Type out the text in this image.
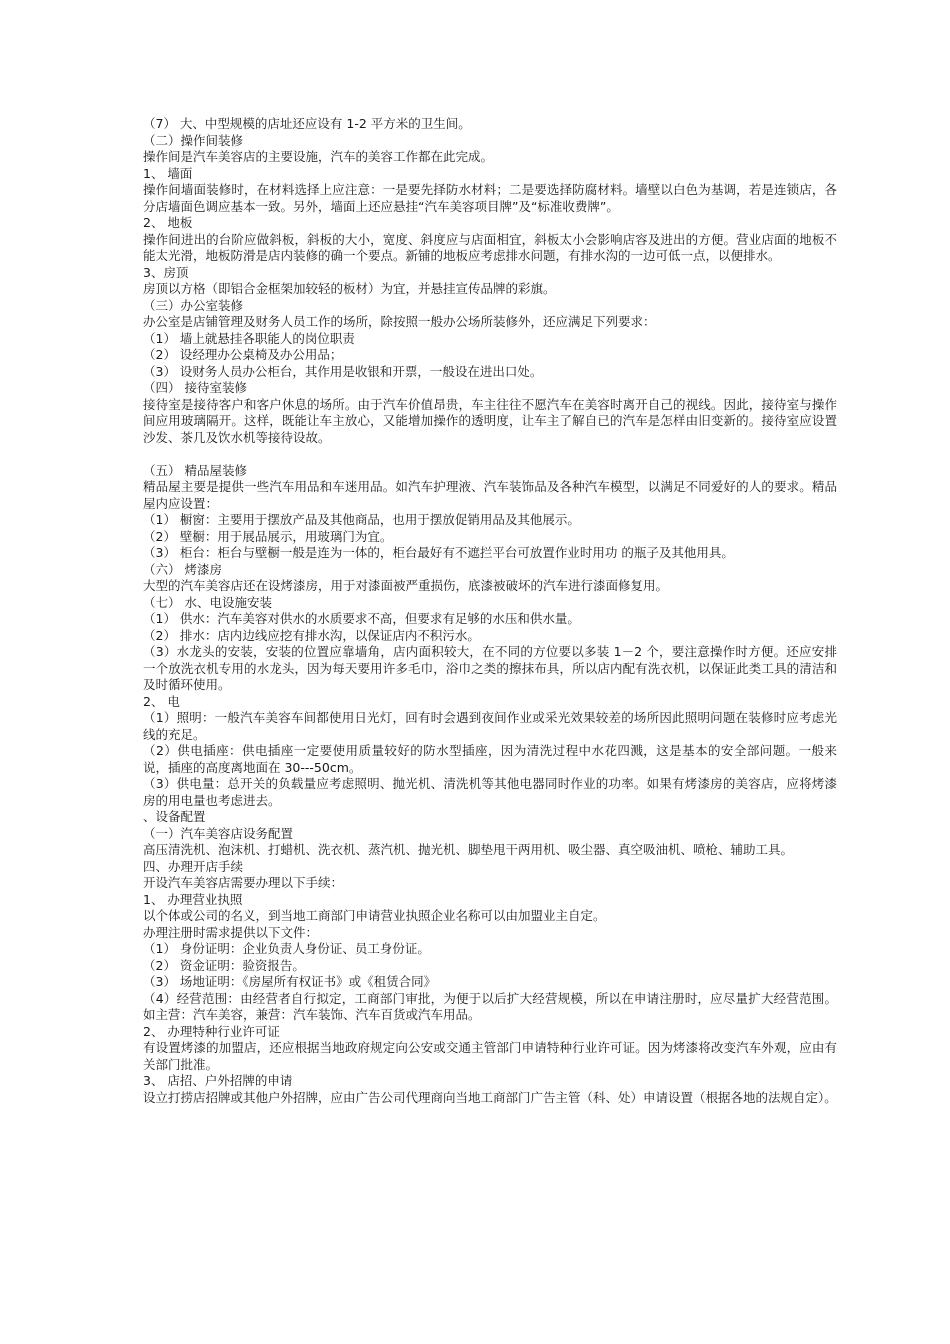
（7） 大、中型规模的店址还应设有 1-2 平方米的卫生间。
（二）操作间装修
操作间是汽车美容店的主要设施，汽车的美容工作都在此完成。
1、 墙面
操作间墙面装修时，在材料选择上应注意：一是要先择防水材料；二是要选择防腐材料。墙壁以白色为基调，若是连锁店，各分店墙面色调应基本一致。另外，墙面上还应悬挂“汽车美容项目牌”及“标准收费牌”。
2、 地板
操作间进出的台阶应做斜板，斜板的大小，宽度、斜度应与店面相宜，斜板太小会影响店容及进出的方便。营业店面的地板不能太光滑，地板防滑是店内装修的确一个要点。新铺的地板应考虑排水问题，有排水沟的一边可低一点，以便排水。
3、房顶
房顶以方格（即铝合金框架加较轻的板材）为宜，并悬挂宣传品牌的彩旗。
（三）办公室装修
办公室是店铺管理及财务人员工作的场所，除按照一般办公场所装修外，还应满足下列要求：
（1） 墙上就悬挂各职能人的岗位职责
（2） 设经理办公桌椅及办公用品；
（3） 设财务人员办公柜台，其作用是收银和开票，一般设在进出口处。
（四） 接待室装修
接待室是接待客户和客户休息的场所。由于汽车价值昂贵，车主往往不愿汽车在美容时离开自己的视线。因此，接待室与操作间应用玻璃隔开。这样，既能让车主放心，又能增加操作的透明度，让车主了解自已的汽车是怎样由旧变新的。接待室应设置沙发、茶几及饮水机等接待设故。
（五） 精品屋装修
精品屋主要是提供一些汽车用品和车迷用品。如汽车护理液、汽车装饰品及各种汽车模型，以满足不同爱好的人的要求。精品屋内应设置：
（1） 橱窗：主要用于摆放产品及其他商品，也用于摆放促销用品及其他展示。
（2） 壁橱：用于展品展示，用玻璃门为宜。
（3） 柜台：柜台与壁橱一般是连为一体的，柜台最好有不遮拦平台可放置作业时用功 的瓶子及其他用具。
（六） 烤漆房
大型的汽车美容店还在设烤漆房，用于对漆面被严重损伤，底漆被破坏的汽车进行漆面修复用。
（七） 水、电设施安装
（1） 供水：汽车美容对供水的水质要求不高，但要求有足够的水压和供水量。
（2） 排水：店内边线应挖有排水沟，以保证店内不积污水。
（3）水龙头的安装，安装的位置应靠墙角，店内面积较大，在不同的方位要以多装 1－2 个，要注意操作时方便。还应安排一个放洗衣机专用的水龙头，因为每天要用许多毛巾，浴巾之类的擦抹布具，所以店内配有洗衣机，以保证此类工具的清洁和及时循环使用。
2、 电
（1）照明：一般汽车美容车间都使用日光灯，回有时会遇到夜间作业或采光效果较差的场所因此照明问题在装修时应考虑光线的充足。
（2）供电插座：供电插座一定要使用质量较好的防水型插座，因为清洗过程中水花四溅，这是基本的安全部问题。一般来说，插座的高度离地面在 30---50cm。
（3）供电量：总开关的负载量应考虑照明、抛光机、清洗机等其他电器同时作业的功率。如果有烤漆房的美容店，应将烤漆房的用电量也考虑进去。
、设备配置
（一）汽车美容店设务配置
高压清洗机、泡沫机、打蜡机、洗衣机、蒸汽机、抛光机、脚垫甩干两用机、吸尘器、真空吸油机、喷枪、辅助工具。
四、办理开店手续
开设汽车美容店需要办理以下手续：
1、 办理营业执照
以个体或公司的名义，到当地工商部门申请营业执照企业名称可以由加盟业主自定。
办理注册时需求提供以下文件：
（1） 身份证明：企业负责人身份证、员工身份证。
（2） 资金证明：验资报告。
（3） 场地证明：《房屋所有权证书》或《租赁合同》
（4）经营范围：由经营者自行拟定，工商部门审批，为便于以后扩大经营规模，所以在申请注册时，应尽量扩大经营范围。如主营：汽车美容，兼营：汽车装饰、汽车百货或汽车用品。
2、 办理特种行业许可证
有设置烤漆的加盟店，还应根据当地政府规定向公安或交通主管部门申请特种行业许可证。因为烤漆将改变汽车外观，应由有关部门批准。
3、 店招、户外招牌的申请
设立打捞店招牌或其他户外招牌，应由广告公司代理商向当地工商部门广告主管（科、处）申请设置（根据各地的法规自定）。
